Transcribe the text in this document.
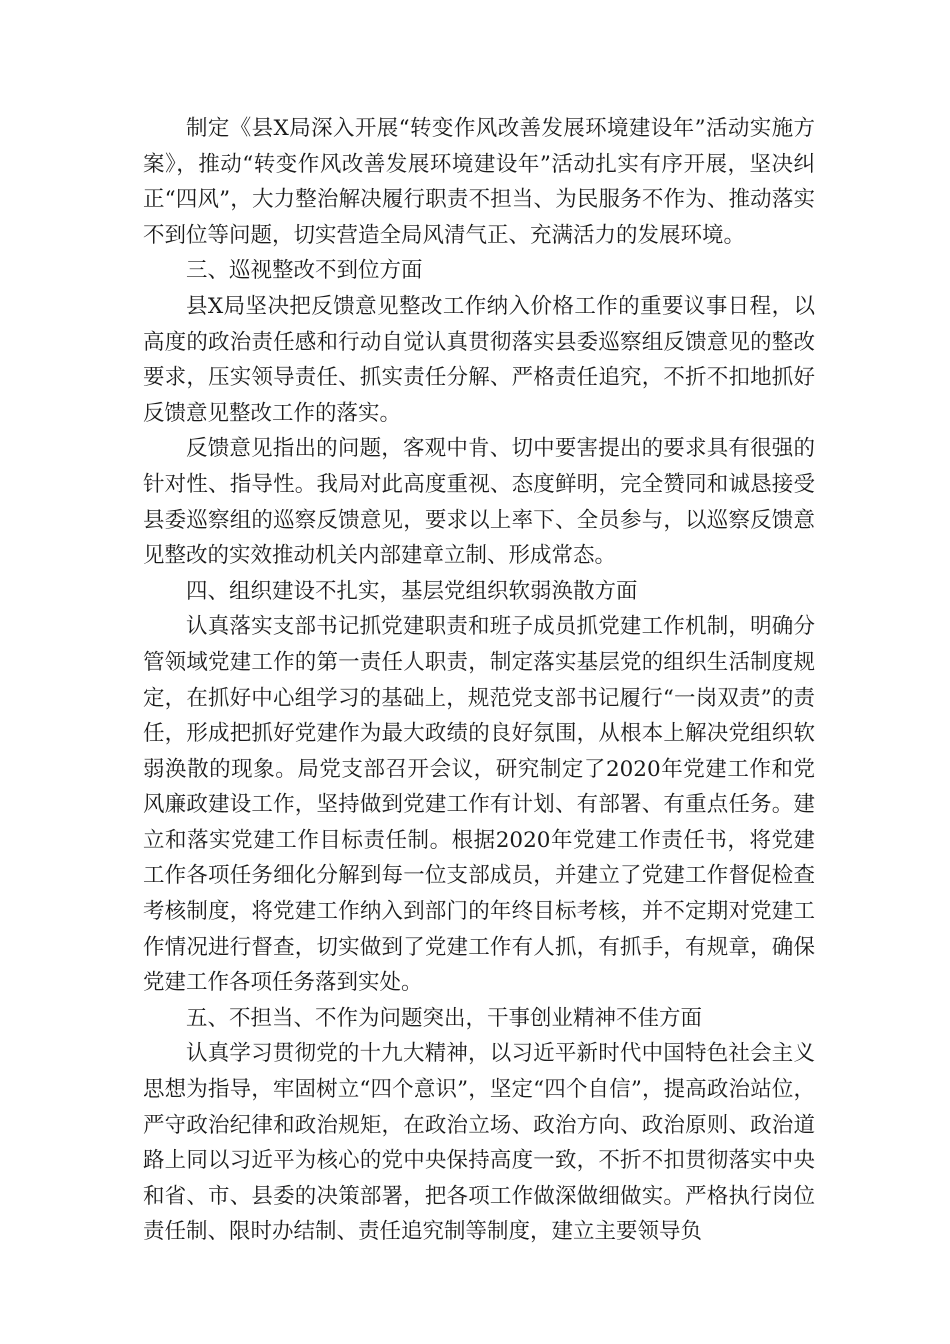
制定《县Ⅹ局深入开展“转变作风改善发展环境建设年”活动实施方案》，推动“转变作风改善发展环境建设年”活动扎实有序开展，坚决纠正“四风”，大力整治解决履行职责不担当、为民服务不作为、推动落实不到位等问题，切实营造全局风清气正、充满活力的发展环境。

三、巡视整改不到位方面

县Ⅹ局坚决把反馈意见整改工作纳入价格工作的重要议事日程，以高度的政治责任感和行动自觉认真贯彻落实县委巡察组反馈意见的整改要求，压实领导责任、抓实责任分解、严格责任追究，不折不扣地抓好反馈意见整改工作的落实。

反馈意见指出的问题，客观中肯、切中要害提出的要求具有很强的针对性、指导性。我局对此高度重视、态度鲜明，完全赞同和诚恳接受县委巡察组的巡察反馈意见，要求以上率下、全员参与，以巡察反馈意见整改的实效推动机关内部建章立制、形成常态。

四、组织建设不扎实，基层党组织软弱涣散方面

认真落实支部书记抓党建职责和班子成员抓党建工作机制，明确分管领域党建工作的第一责任人职责，制定落实基层党的组织生活制度规定，在抓好中心组学习的基础上，规范党支部书记履行“一岗双责”的责任，形成把抓好党建作为最大政绩的良好氛围，从根本上解决党组织软弱涣散的现象。局党支部召开会议，研究制定了2020年党建工作和党风廉政建设工作，坚持做到党建工作有计划、有部署、有重点任务。建立和落实党建工作目标责任制。根据2020年党建工作责任书，将党建工作各项任务细化分解到每一位支部成员，并建立了党建工作督促检查考核制度，将党建工作纳入到部门的年终目标考核，并不定期对党建工作情况进行督查，切实做到了党建工作有人抓，有抓手，有规章，确保党建工作各项任务落到实处。

五、不担当、不作为问题突出，干事创业精神不佳方面

认真学习贯彻党的十九大精神，以习近平新时代中国特色社会主义思想为指导，牢固树立“四个意识”，坚定“四个自信”，提高政治站位，严守政治纪律和政治规矩，在政治立场、政治方向、政治原则、政治道路上同以习近平为核心的党中央保持高度一致，不折不扣贯彻落实中央和省、市、县委的决策部署，把各项工作做深做细做实。严格执行岗位责任制、限时办结制、责任追究制等制度，建立主要领导负
